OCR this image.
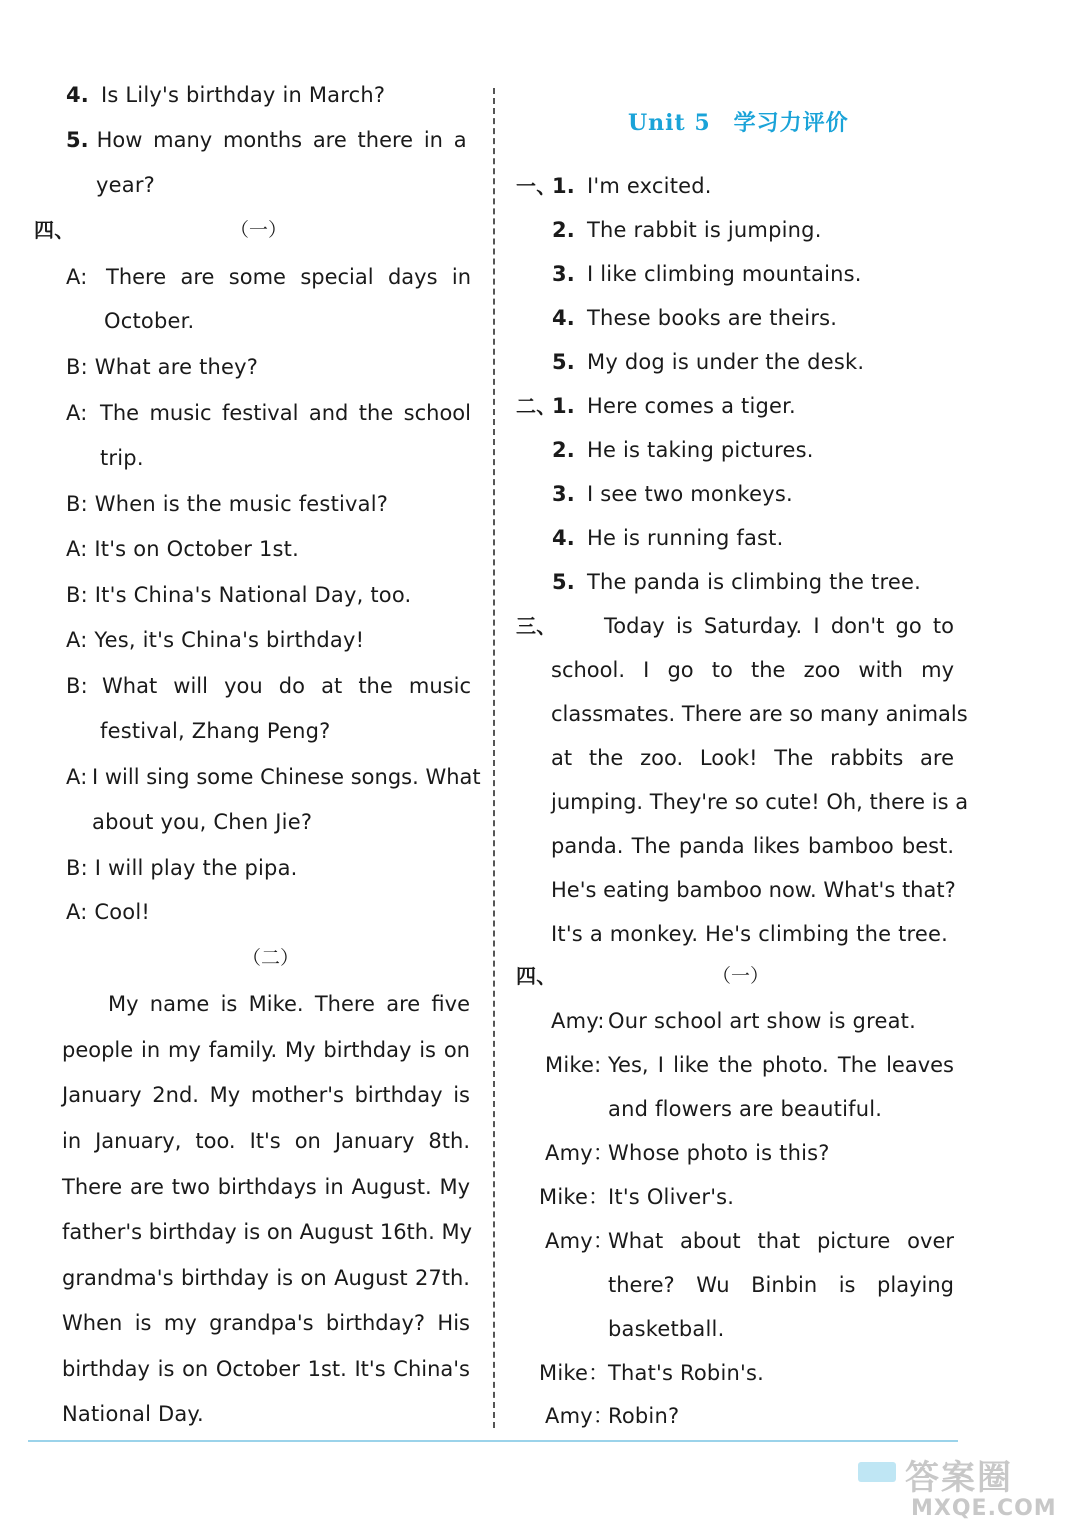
4. Is Lily's birthday in March?
5. How many months are there in a
year?
四、	（一）
A: There are some special days in
October.
B: What are they?
A: The music festival and the school
trip.
B: When is the music festival?
A: It's on October 1st.
B: It's China's National Day, too.
A: Yes, it's China's birthday!
B: What will you do at the music
festival, Zhang Peng?
A: I will sing some Chinese songs. What
about you, Chen Jie?
B: I will play the pipa.
A: Cool!
（二）
My name is Mike. There are five
people in my family. My birthday is on
January 2nd. My mother's birthday is
in January, too. It's on January 8th.
There are two birthdays in August. My
father's birthday is on August 16th. My
grandma's birthday is on August 27th.
When is my grandpa's birthday? His
birthday is on October 1st. It's China's
National Day.
Unit 5　学习力评价
一、
1. I'm excited.
2. The rabbit is jumping.
3. I like climbing mountains.
4. These books are theirs.
5. My dog is under the desk.
二、
1. Here comes a tiger.
2. He is taking pictures.
3. I see two monkeys.
4. He is running fast.
5. The panda is climbing the tree.
三、 Today is Saturday. I don't go to
school. I go to the zoo with my
classmates. There are so many animals
at the zoo. Look! The rabbits are
jumping. They're so cute! Oh, there is a
panda. The panda likes bamboo best.
He's eating bamboo now. What's that?
It's a monkey. He's climbing the tree.
四、	（一）
Amy: Our school art show is great.
Mike: Yes, I like the photo. The leaves
and flowers are beautiful.
Amy：
Whose photo is this?
Mike：
It's Oliver's.
Amy：
What about that picture over
there? Wu Binbin is playing
basketball.
Mike：
That's Robin's.
Amy：
Robin?
答案圈
MXQE.COM
